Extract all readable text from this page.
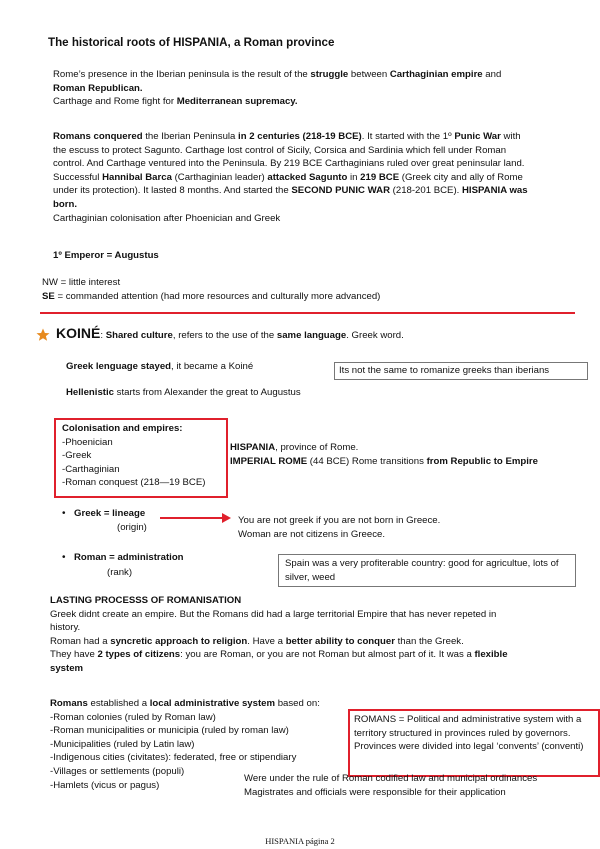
The historical roots of HISPANIA, a Roman province

Rome’s presence in the Iberian peninsula is the result of the struggle between Carthaginian empire and

Roman Republican.

Carthage and Rome fight for Mediterranean supremacy.

Romans conquered the Iberian Peninsula in 2 centuries (218-19 BCE). It started with the 1º Punic War with

the escuss to protect Sagunto. Carthage lost control of Sicily, Corsica and Sardinia which fell under Roman

control. And Carthage ventured into the Peninsula. By 219 BCE Carthaginians ruled over great peninsular land.

Successful Hannibal Barca (Carthaginian leader) attacked Sagunto in 219 BCE (Greek city and ally of Rome

under its protection). It lasted 8 months. And started the SECOND PUNIC WAR (218-201 BCE). HISPANIA was

born.

Carthaginian colonisation after Phoenician and Greek

1º Emperor = Augustus
NW = little interest
SE = commanded attention (had more resources and culturally more advanced)
KOINÉ: Shared culture, refers to the use of the same language. Greek word.
Greek lenguage stayed, it became a Koiné	Its not the same to romanize greeks than iberians
Hellenistic starts from Alexander the great to Augustus

Colonisation and empires:

-Phoenician

-Greek

-Carthaginian

-Roman conquest (218—19 BCE)

HISPANIA, province of Rome.

IMPERIAL ROME (44 BCE) Rome transitions from Republic to Empire

• Greek = lineage
(origin)

You are not greek if you are not born in Greece.

Woman are not citizens in Greece.

• Roman = administration
(rank)
Spain was a very profiterable country: good for agricultue, lots of silver, weed

LASTING PROCESSS OF ROMANISATION

Greek didnt create an empire. But the Romans did had a large territorial Empire that has never repeted in

history.

Roman had a syncretic approach to religion. Have a better ability to conquer than the Greek.

They have 2 types of citizens: you are Roman, or you are not Roman but almost part of it. It was a flexible

system

Romans established a local administrative system based on:

-Roman colonies (ruled by Roman law)

-Roman municipalities or municipia (ruled by roman law)

-Municipalities (ruled by Latin law)

-Indigenous cities (civitates): federated, free or stipendiary

-Villages or settlements (populi)

-Hamlets (vicus or pagus)

ROMANS = Political and administrative system with a territory structured in provinces ruled by governors. Provinces were divided into legal ‘convents’ (conventi)

Were under the rule of Roman codified law and municipal ordinances

Magistrates and officials were responsible for their application

HISPANIA página 2
